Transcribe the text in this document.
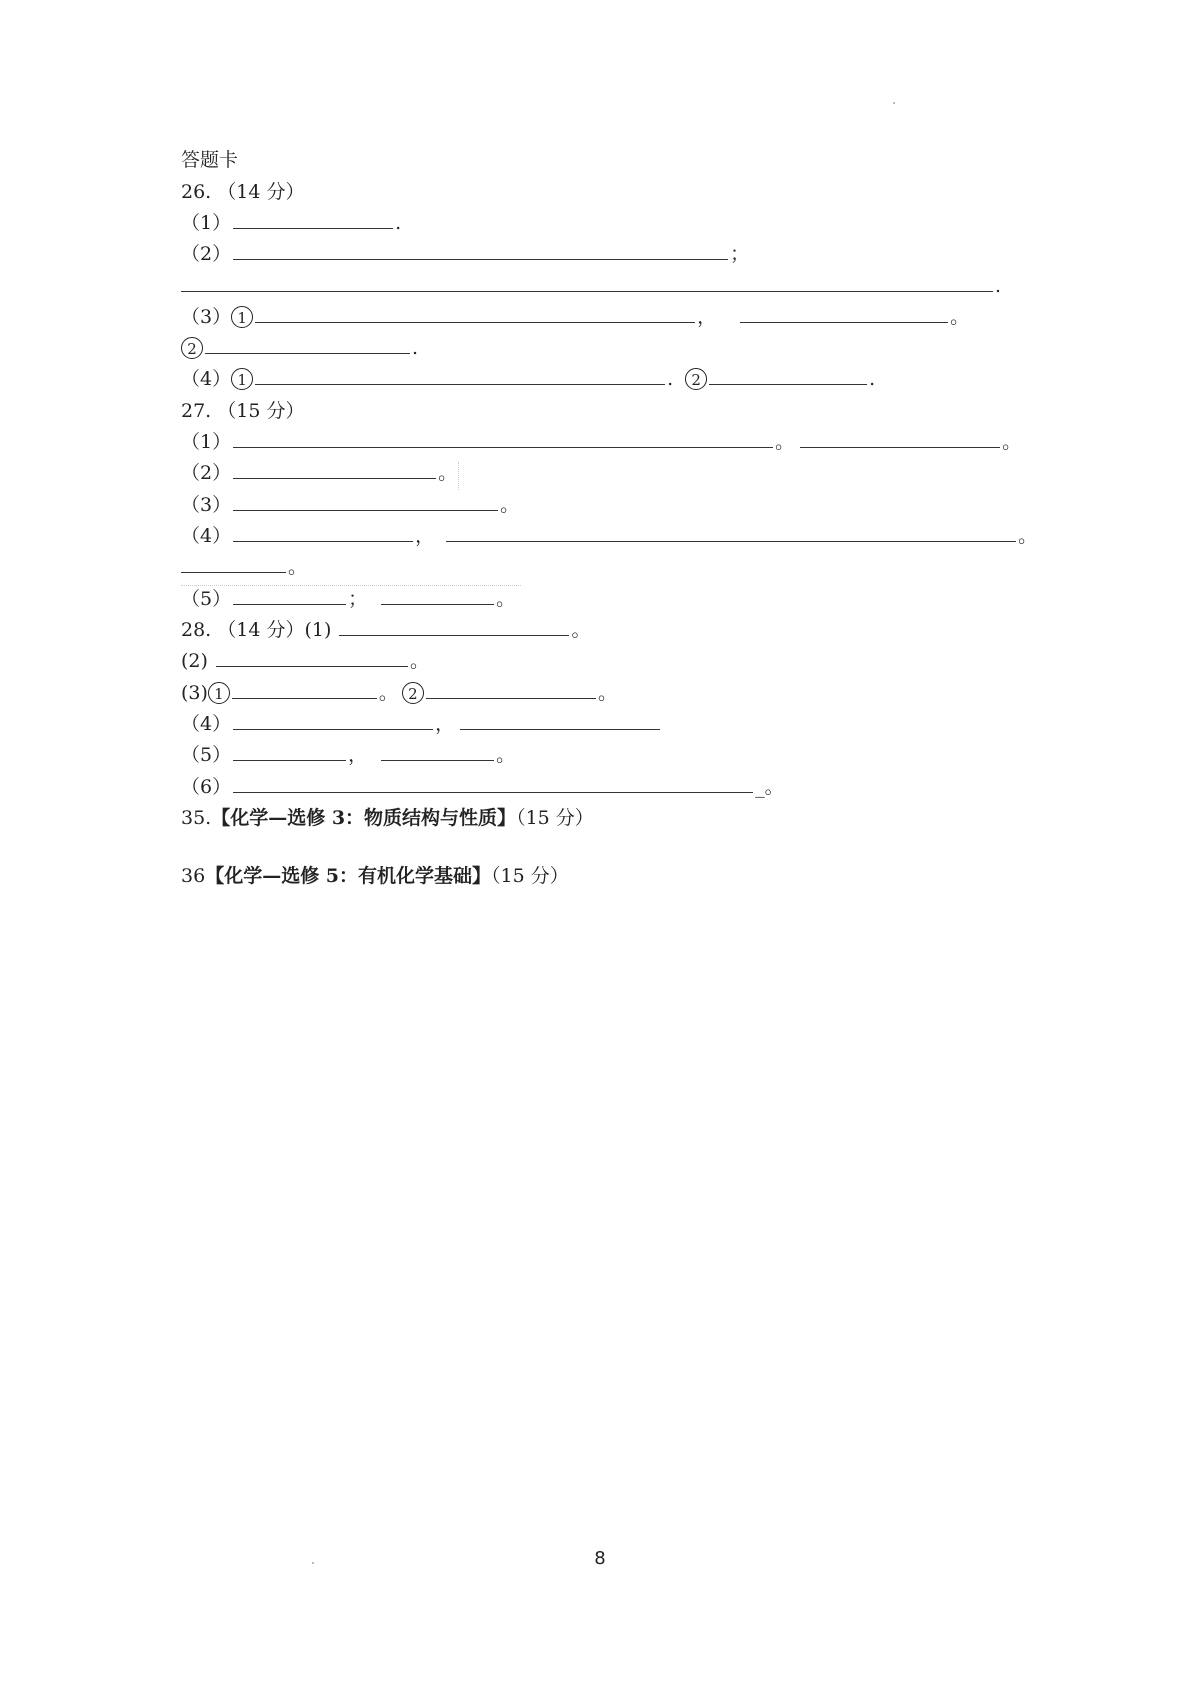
答题卡
26. （14 分）
（1）	.
（2）	；
.
（3） 1	，	。
2	.
（4） 1	. 2	.
27. （15 分）
（1）	。	。
（2）	。
（3）	。
（4）	，	。
。
（5）	；	。
28. （14 分）(1)	。
(2)	。
(3) 1	。 2	。
（4）	，
（5）	，	。
（6）	_。
35.【化学—选修 3：物质结构与性质】（15 分）
36【化学—选修 5：有机化学基础】（15 分）
8
